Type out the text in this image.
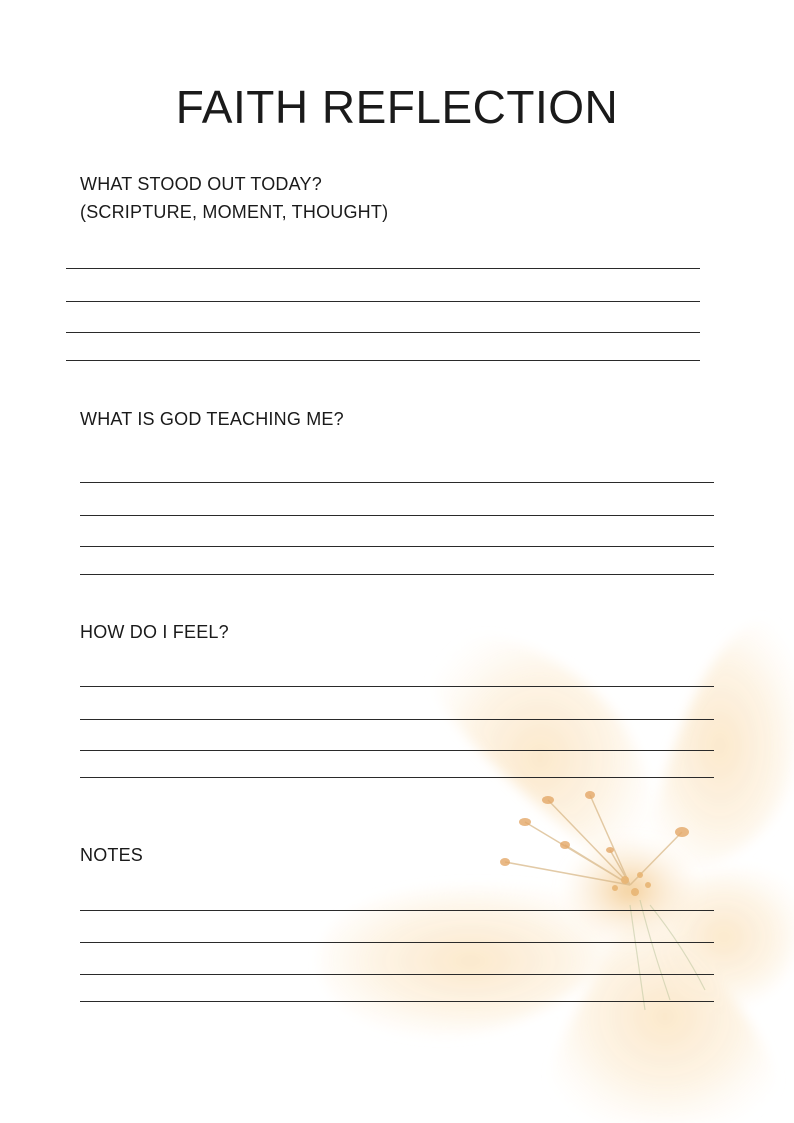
FAITH REFLECTION
WHAT STOOD OUT TODAY?
(SCRIPTURE, MOMENT, THOUGHT)
WHAT IS GOD TEACHING ME?
HOW DO I FEEL?
NOTES
